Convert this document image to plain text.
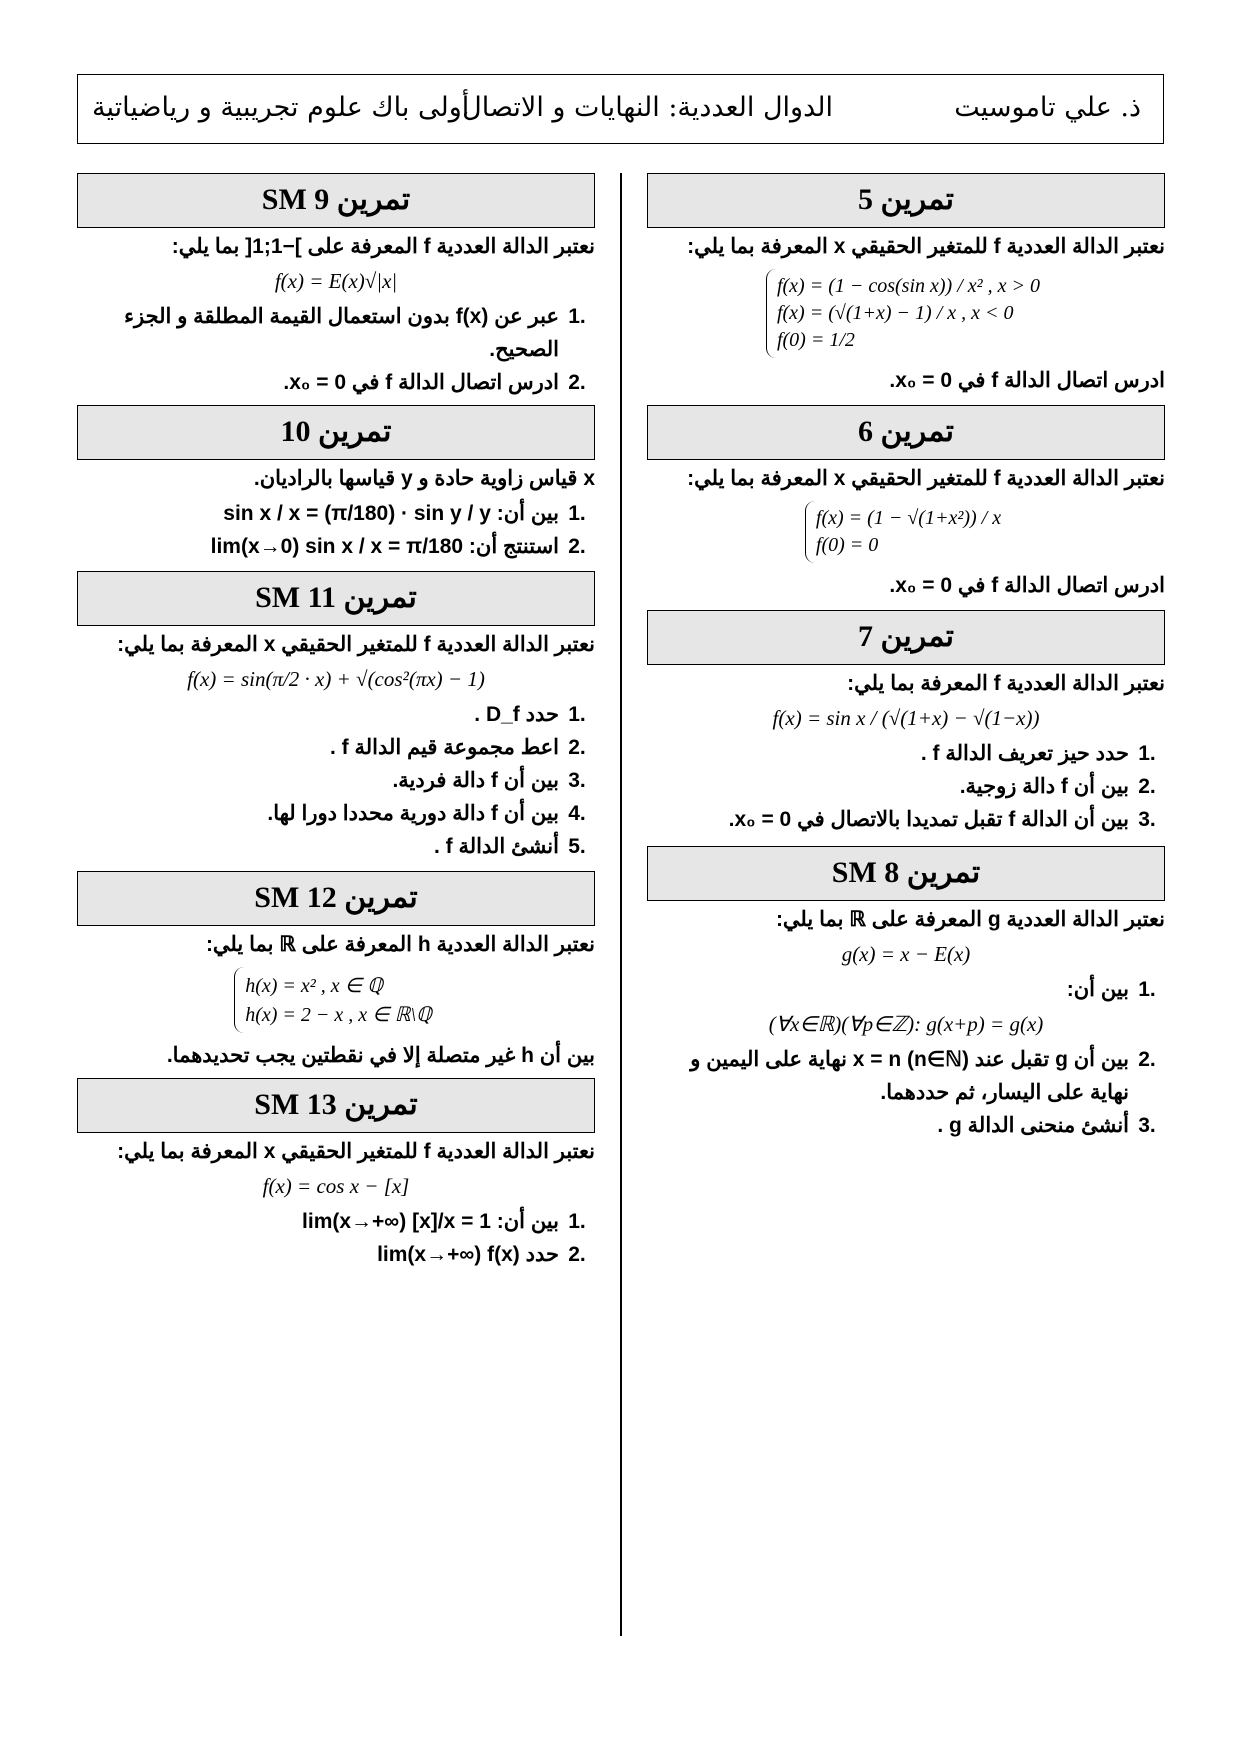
ذ. علي تاموسيت
الدوال العددية: النهايات و الاتصال
أولى باك علوم تجريبية و رياضياتية
تمرين 5
نعتبر الدالة العددية f للمتغير الحقيقي x المعرفة بما يلي:
f(x) = (1 − cos(sin x)) / x² , x > 0
f(x) = (√(1+x) − 1) / x , x < 0
f(0) = 1/2
ادرس اتصال الدالة f في x₀ = 0.
تمرين 6
نعتبر الدالة العددية f للمتغير الحقيقي x المعرفة بما يلي:
f(x) = (1 − √(1+x²)) / x
f(0) = 0
ادرس اتصال الدالة f في x₀ = 0.
تمرين 7
نعتبر الدالة العددية f المعرفة بما يلي:
f(x) = sin x / (√(1+x) − √(1−x))
1.
حدد حيز تعريف الدالة f .
2.
بين أن f دالة زوجية.
3.
بين أن الدالة f تقبل تمديدا بالاتصال في x₀ = 0.
تمرين SM 8
نعتبر الدالة العددية g المعرفة على ℝ بما يلي:
g(x) = x − E(x)
1.
بين أن:
(∀x∈ℝ)(∀p∈ℤ): g(x+p) = g(x)
2.
بين أن g تقبل عند x = n (n∈ℕ) نهاية على اليمين و نهاية على اليسار، ثم حددهما.
3.
أنشئ منحنى الدالة g .
تمرين SM 9
نعتبر الدالة العددية f المعرفة على ]−1;1[ بما يلي:
f(x) = E(x)√|x|
1.
عبر عن f(x) بدون استعمال القيمة المطلقة و الجزء الصحيح.
2.
ادرس اتصال الدالة f في x₀ = 0.
تمرين 10
x قياس زاوية حادة و y قياسها بالراديان.
1.
بين أن: sin x / x = (π/180) · sin y / y
2.
استنتج أن: lim(x→0) sin x / x = π/180
تمرين SM 11
نعتبر الدالة العددية f للمتغير الحقيقي x المعرفة بما يلي:
f(x) = sin(π/2 · x) + √(cos²(πx) − 1)
1.
حدد D_f .
2.
اعط مجموعة قيم الدالة f .
3.
بين أن f دالة فردية.
4.
بين أن f دالة دورية محددا دورا لها.
5.
أنشئ الدالة f .
تمرين SM 12
نعتبر الدالة العددية h المعرفة على ℝ بما يلي:
h(x) = x² , x ∈ ℚ
h(x) = 2 − x , x ∈ ℝ\ℚ
بين أن h غير متصلة إلا في نقطتين يجب تحديدهما.
تمرين SM 13
نعتبر الدالة العددية f للمتغير الحقيقي x المعرفة بما يلي:
f(x) = cos x − [x]
1.
بين أن: lim(x→+∞) [x]/x = 1
2.
حدد lim(x→+∞) f(x)
